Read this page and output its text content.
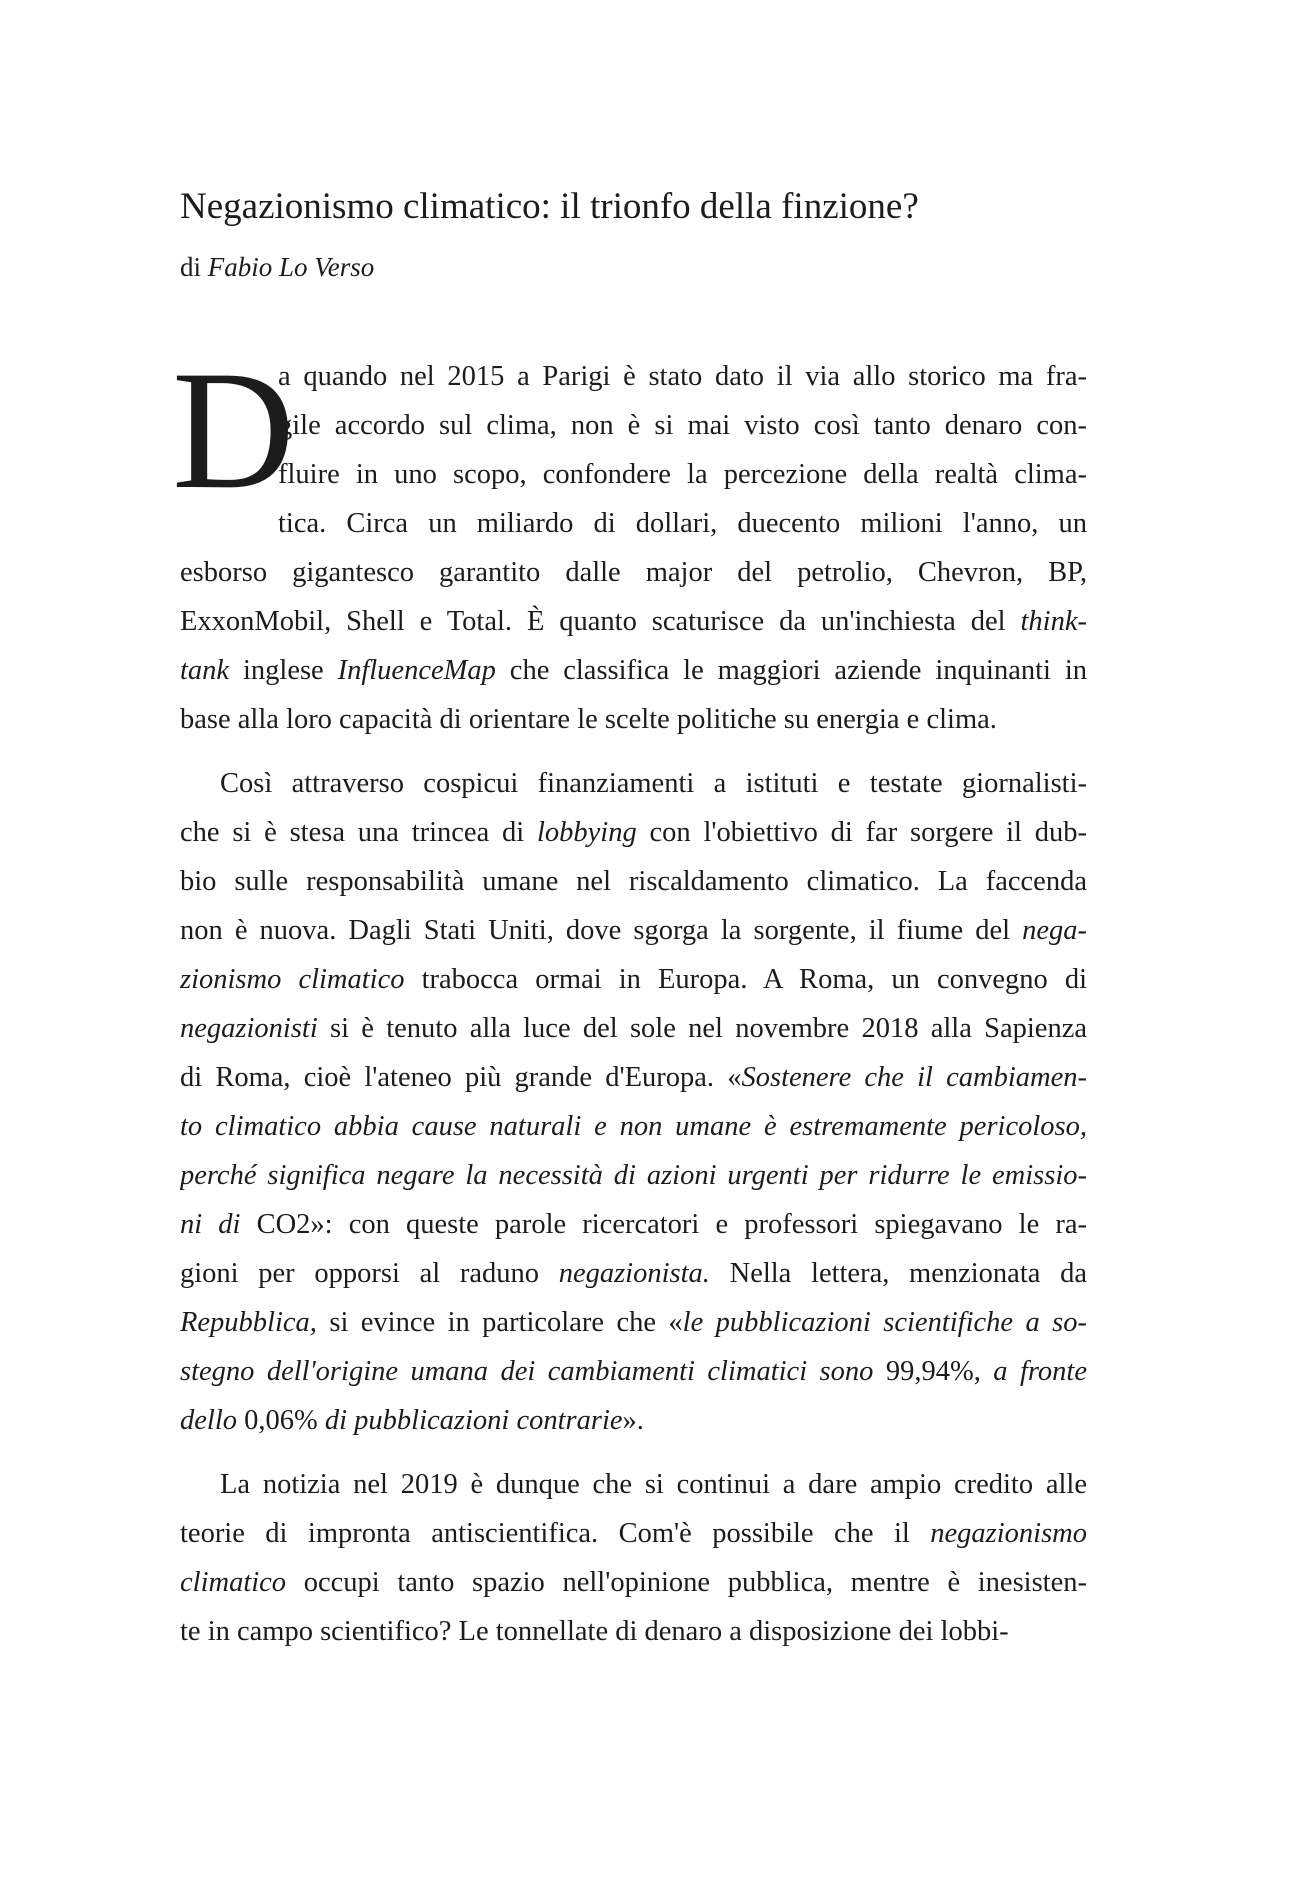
Negazionismo climatico: il trionfo della finzione?
di Fabio Lo Verso
D
a quando nel 2015 a Parigi è stato dato il via allo storico ma fra-
gile accordo sul clima, non è si mai visto così tanto denaro con-
fluire in uno scopo, confondere la percezione della realtà clima-
tica. Circa un miliardo di dollari, duecento milioni l'anno, un
esborso gigantesco garantito dalle major del petrolio, Chevron, BP,
ExxonMobil, Shell e Total. È quanto scaturisce da un'inchiesta del think-
tank inglese InfluenceMap che classifica le maggiori aziende inquinanti in
base alla loro capacità di orientare le scelte politiche su energia e clima.
Così attraverso cospicui finanziamenti a istituti e testate giornalisti-
che si è stesa una trincea di lobbying con l'obiettivo di far sorgere il dub-
bio sulle responsabilità umane nel riscaldamento climatico. La faccenda
non è nuova. Dagli Stati Uniti, dove sgorga la sorgente, il fiume del nega-
zionismo climatico trabocca ormai in Europa. A Roma, un convegno di
negazionisti si è tenuto alla luce del sole nel novembre 2018 alla Sapienza
di Roma, cioè l'ateneo più grande d'Europa. «Sostenere che il cambiamen-
to climatico abbia cause naturali e non umane è estremamente pericoloso,
perché significa negare la necessità di azioni urgenti per ridurre le emissio-
ni di CO2»: con queste parole ricercatori e professori spiegavano le ra-
gioni per opporsi al raduno negazionista. Nella lettera, menzionata da
Repubblica, si evince in particolare che «le pubblicazioni scientifiche a so-
stegno dell'origine umana dei cambiamenti climatici sono 99,94%, a fronte
dello 0,06% di pubblicazioni contrarie».
La notizia nel 2019 è dunque che si continui a dare ampio credito alle
teorie di impronta antiscientifica. Com'è possibile che il negazionismo
climatico occupi tanto spazio nell'opinione pubblica, mentre è inesisten-
te in campo scientifico? Le tonnellate di denaro a disposizione dei lobbi-
